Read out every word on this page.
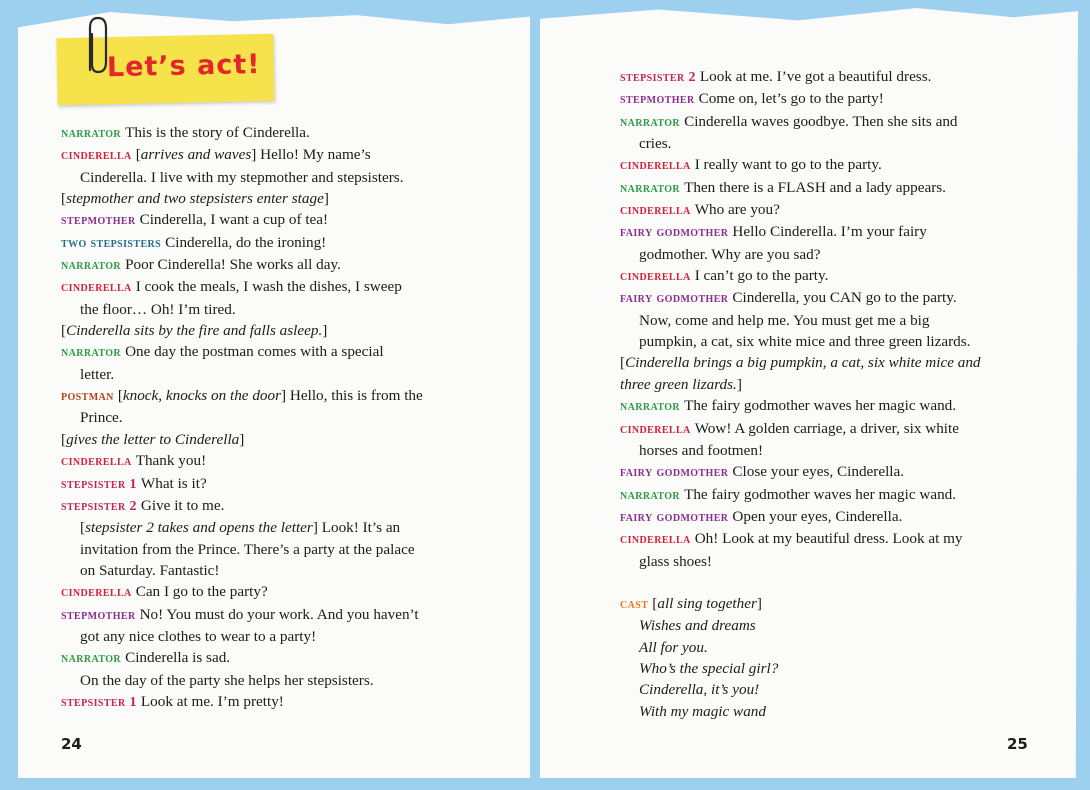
Let’s act!
narrator This is the story of Cinderella.
cinderella [arrives and waves] Hello! My name’s
Cinderella. I live with my stepmother and stepsisters.
[stepmother and two stepsisters enter stage]
stepmother Cinderella, I want a cup of tea!
two stepsisters Cinderella, do the ironing!
narrator Poor Cinderella! She works all day.
cinderella I cook the meals, I wash the dishes, I sweep
the floor… Oh! I’m tired.
[Cinderella sits by the fire and falls asleep.]
narrator One day the postman comes with a special
letter.
postman [knock, knocks on the door] Hello, this is from the
Prince.
[gives the letter to Cinderella]
cinderella Thank you!
stepsister 1 What is it?
stepsister 2 Give it to me.
[stepsister 2 takes and opens the letter] Look! It’s an
invitation from the Prince. There’s a party at the palace
on Saturday. Fantastic!
cinderella Can I go to the party?
stepmother No! You must do your work. And you haven’t
got any nice clothes to wear to a party!
narrator Cinderella is sad.
On the day of the party she helps her stepsisters.
stepsister 1 Look at me. I’m pretty!
stepsister 2 Look at me. I’ve got a beautiful dress.
stepmother Come on, let’s go to the party!
narrator Cinderella waves goodbye. Then she sits and
cries.
cinderella I really want to go to the party.
narrator Then there is a FLASH and a lady appears.
cinderella Who are you?
fairy godmother Hello Cinderella. I’m your fairy
godmother. Why are you sad?
cinderella I can’t go to the party.
fairy godmother Cinderella, you CAN go to the party.
Now, come and help me. You must get me a big
pumpkin, a cat, six white mice and three green lizards.
[Cinderella brings a big pumpkin, a cat, six white mice and
three green lizards.]
narrator The fairy godmother waves her magic wand.
cinderella Wow! A golden carriage, a driver, six white
horses and footmen!
fairy godmother Close your eyes, Cinderella.
narrator The fairy godmother waves her magic wand.
fairy godmother Open your eyes, Cinderella.
cinderella Oh! Look at my beautiful dress. Look at my
glass shoes!
cast [all sing together]
Wishes and dreams
All for you.
Who’s the special girl?
Cinderella, it’s you!
With my magic wand
24	25
